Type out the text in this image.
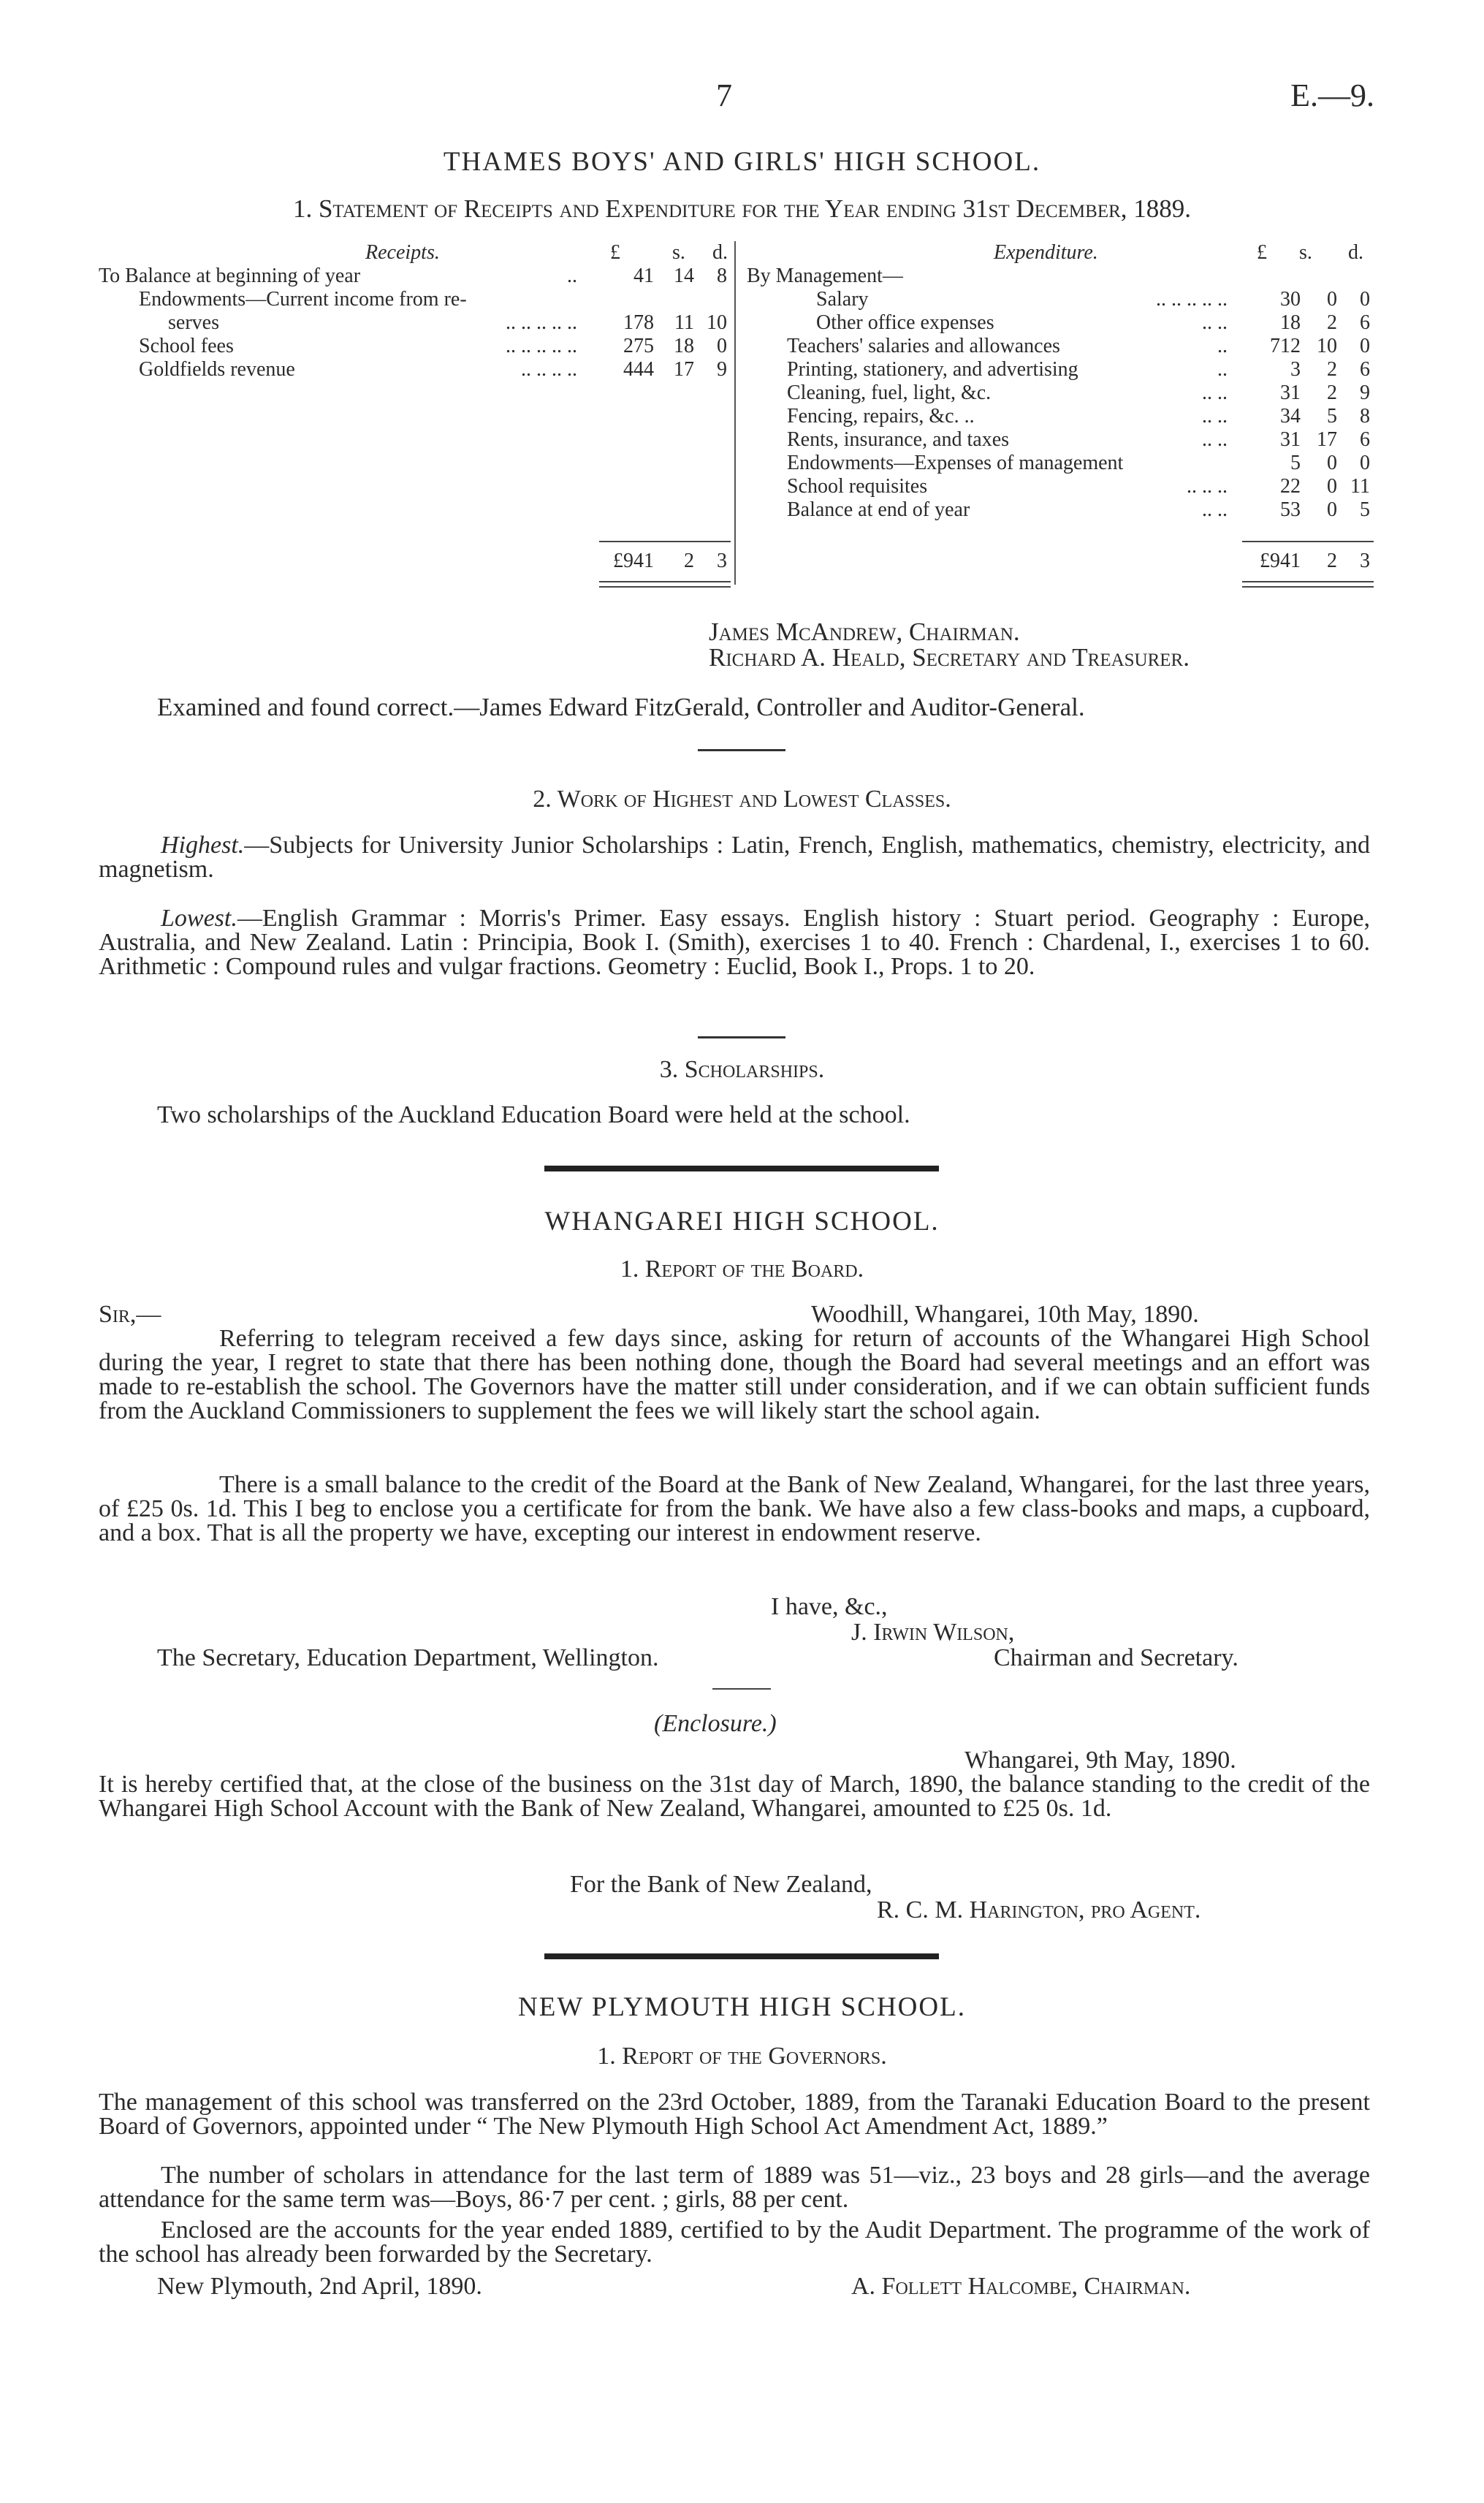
7	E.—9.
THAMES BOYS' AND GIRLS' HIGH SCHOOL.
1. Statement of Receipts and Expenditure for the Year ending 31st December, 1889.
Receipts.	£	s. d.
To Balance at beginning of year	..	41 14	8
Endowments—Current income from re-
serves	.. .. .. .. ..	178	11 10
School fees	.. .. .. .. ..	275 18	0
Goldfields revenue	.. .. .. ..	444 17	9
Expenditure.	£ s. d.
By Management—
Salary	.. .. .. .. ..	30	0	0
Other office expenses	.. ..	18	2	6
Teachers' salaries and allowances	..	712 10	0
Printing, stationery, and advertising	..	3	2	6
Cleaning, fuel, light, &c.	.. ..	31	2	9
Fencing, repairs, &c. ..	.. ..	34	5	8
Rents, insurance, and taxes	.. ..	31 17	6
Endowments—Expenses of management	5	0	0
School requisites	.. .. ..	22	0 11
Balance at end of year	.. ..	53	0	5
£941	2	3	£941	2	3
James McAndrew, Chairman.
Richard A. Heald, Secretary and Treasurer.
Examined and found correct.—James Edward FitzGerald, Controller and Auditor-General.
2. Work of Highest and Lowest Classes.
Highest.—Subjects for University Junior Scholarships : Latin, French, English, mathematics, chemistry, electricity, and magnetism.
Lowest.—English Grammar : Morris's Primer. Easy essays. English history : Stuart period. Geography : Europe, Australia, and New Zealand. Latin : Principia, Book I. (Smith), exercises 1 to 40. French : Chardenal, I., exercises 1 to 60. Arithmetic : Compound rules and vulgar fractions. Geometry : Euclid, Book I., Props. 1 to 20.
3. Scholarships.
Two scholarships of the Auckland Education Board were held at the school.
WHANGAREI HIGH SCHOOL.
1. Report of the Board.
Sir,—	Woodhill, Whangarei, 10th May, 1890.
Referring to telegram received a few days since, asking for return of accounts of the Whangarei High School during the year, I regret to state that there has been nothing done, though the Board had several meetings and an effort was made to re-establish the school. The Governors have the matter still under consideration, and if we can obtain sufficient funds from the Auckland Commissioners to supplement the fees we will likely start the school again.
There is a small balance to the credit of the Board at the Bank of New Zealand, Whangarei, for the last three years, of £25 0s. 1d. This I beg to enclose you a certificate for from the bank. We have also a few class-books and maps, a cupboard, and a box. That is all the property we have, excepting our interest in endowment reserve.
I have, &c.,
J. Irwin Wilson,
The Secretary, Education Department, Wellington.	Chairman and Secretary.
(Enclosure.)
Whangarei, 9th May, 1890.
It is hereby certified that, at the close of the business on the 31st day of March, 1890, the balance standing to the credit of the Whangarei High School Account with the Bank of New Zealand, Whangarei, amounted to £25 0s. 1d.
For the Bank of New Zealand,
R. C. M. Harington, pro Agent.
NEW PLYMOUTH HIGH SCHOOL.
1. Report of the Governors.
The management of this school was transferred on the 23rd October, 1889, from the Taranaki Education Board to the present Board of Governors, appointed under “ The New Plymouth High School Act Amendment Act, 1889.”
The number of scholars in attendance for the last term of 1889 was 51—viz., 23 boys and 28 girls—and the average attendance for the same term was—Boys, 86·7 per cent. ; girls, 88 per cent.
Enclosed are the accounts for the year ended 1889, certified to by the Audit Department. The programme of the work of the school has already been forwarded by the Secretary.
New Plymouth, 2nd April, 1890.	A. Follett Halcombe, Chairman.
